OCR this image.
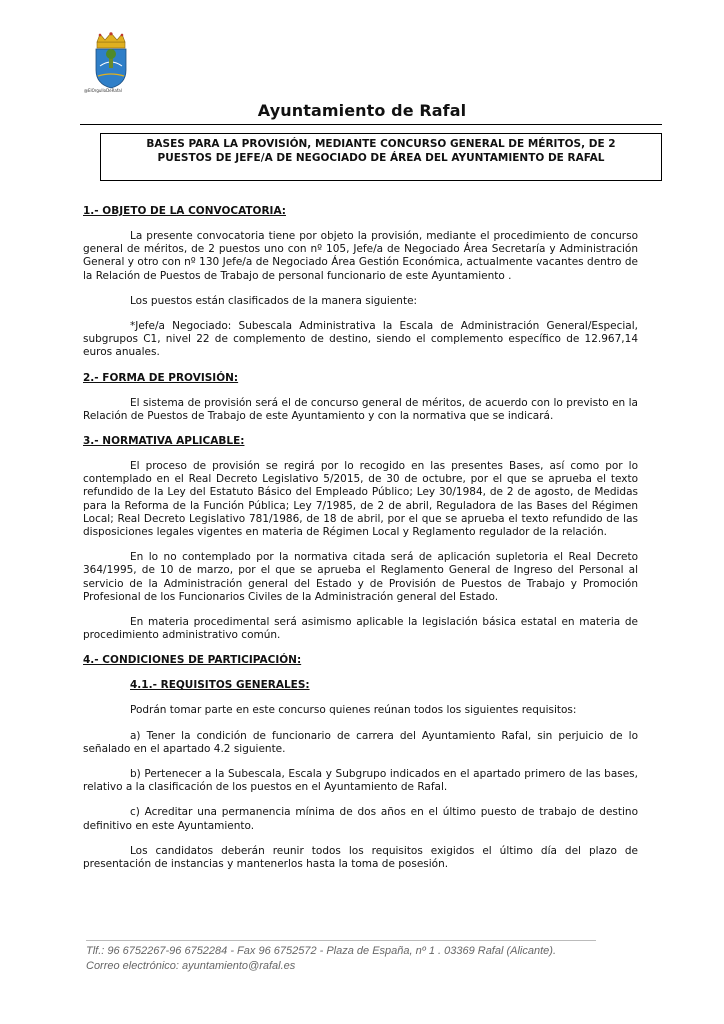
@ElOrgulloDeRafal
Ayuntamiento de Rafal
BASES PARA LA PROVISIÓN, MEDIANTE CONCURSO GENERAL DE MÉRITOS, DE 2
PUESTOS DE JEFE/A DE NEGOCIADO DE ÁREA DEL AYUNTAMIENTO DE RAFAL

1.- OBJETO DE LA CONVOCATORIA:

La presente convocatoria tiene por objeto la provisión, mediante el procedimiento de concurso general de méritos, de 2 puestos uno con nº 105, Jefe/a de Negociado Área Secretaría y Administración General y otro con nº 130 Jefe/a de Negociado Área Gestión Económica, actualmente vacantes dentro de la Relación de Puestos de Trabajo de personal funcionario de este Ayuntamiento .

Los puestos están clasificados de la manera siguiente:

*Jefe/a Negociado: Subescala Administrativa la Escala de Administración General/Especial, subgrupos C1, nivel 22 de complemento de destino, siendo el complemento específico de 12.967,14 euros anuales.

2.- FORMA DE PROVISIÓN:

El sistema de provisión será el de concurso general de méritos, de acuerdo con lo previsto en la Relación de Puestos de Trabajo de este Ayuntamiento y con la normativa que se indicará.

3.- NORMATIVA APLICABLE:

El proceso de provisión se regirá por lo recogido en las presentes Bases, así como por lo contemplado en el Real Decreto Legislativo 5/2015, de 30 de octubre, por el que se aprueba el texto refundido de la Ley del Estatuto Básico del Empleado Público; Ley 30/1984, de 2 de agosto, de Medidas para la Reforma de la Función Pública; Ley 7/1985, de 2 de abril, Reguladora de las Bases del Régimen Local; Real Decreto Legislativo 781/1986, de 18 de abril, por el que se aprueba el texto refundido de las disposiciones legales vigentes en materia de Régimen Local y Reglamento regulador de la relación.

En lo no contemplado por la normativa citada será de aplicación supletoria el Real Decreto 364/1995, de 10 de marzo, por el que se aprueba el Reglamento General de Ingreso del Personal al servicio de la Administración general del Estado y de Provisión de Puestos de Trabajo y Promoción Profesional de los Funcionarios Civiles de la Administración general del Estado.

En materia procedimental será asimismo aplicable la legislación básica estatal en materia de procedimiento administrativo común.

4.- CONDICIONES DE PARTICIPACIÓN:

4.1.- REQUISITOS GENERALES:

Podrán tomar parte en este concurso quienes reúnan todos los siguientes requisitos:

a) Tener la condición de funcionario de carrera del Ayuntamiento Rafal, sin perjuicio de lo señalado en el apartado 4.2 siguiente.

b) Pertenecer a la Subescala, Escala y Subgrupo indicados en el apartado primero de las bases, relativo a la clasificación de los puestos en el Ayuntamiento de Rafal.

c) Acreditar una permanencia mínima de dos años en el último puesto de trabajo de destino definitivo en este Ayuntamiento.

Los candidatos deberán reunir todos los requisitos exigidos el último día del plazo de presentación de instancias y mantenerlos hasta la toma de posesión.

Tlf.: 96 6752267-96 6752284 - Fax 96 6752572 - Plaza de España, nº 1 . 03369 Rafal (Alicante).
Correo electrónico: ayuntamiento@rafal.es
